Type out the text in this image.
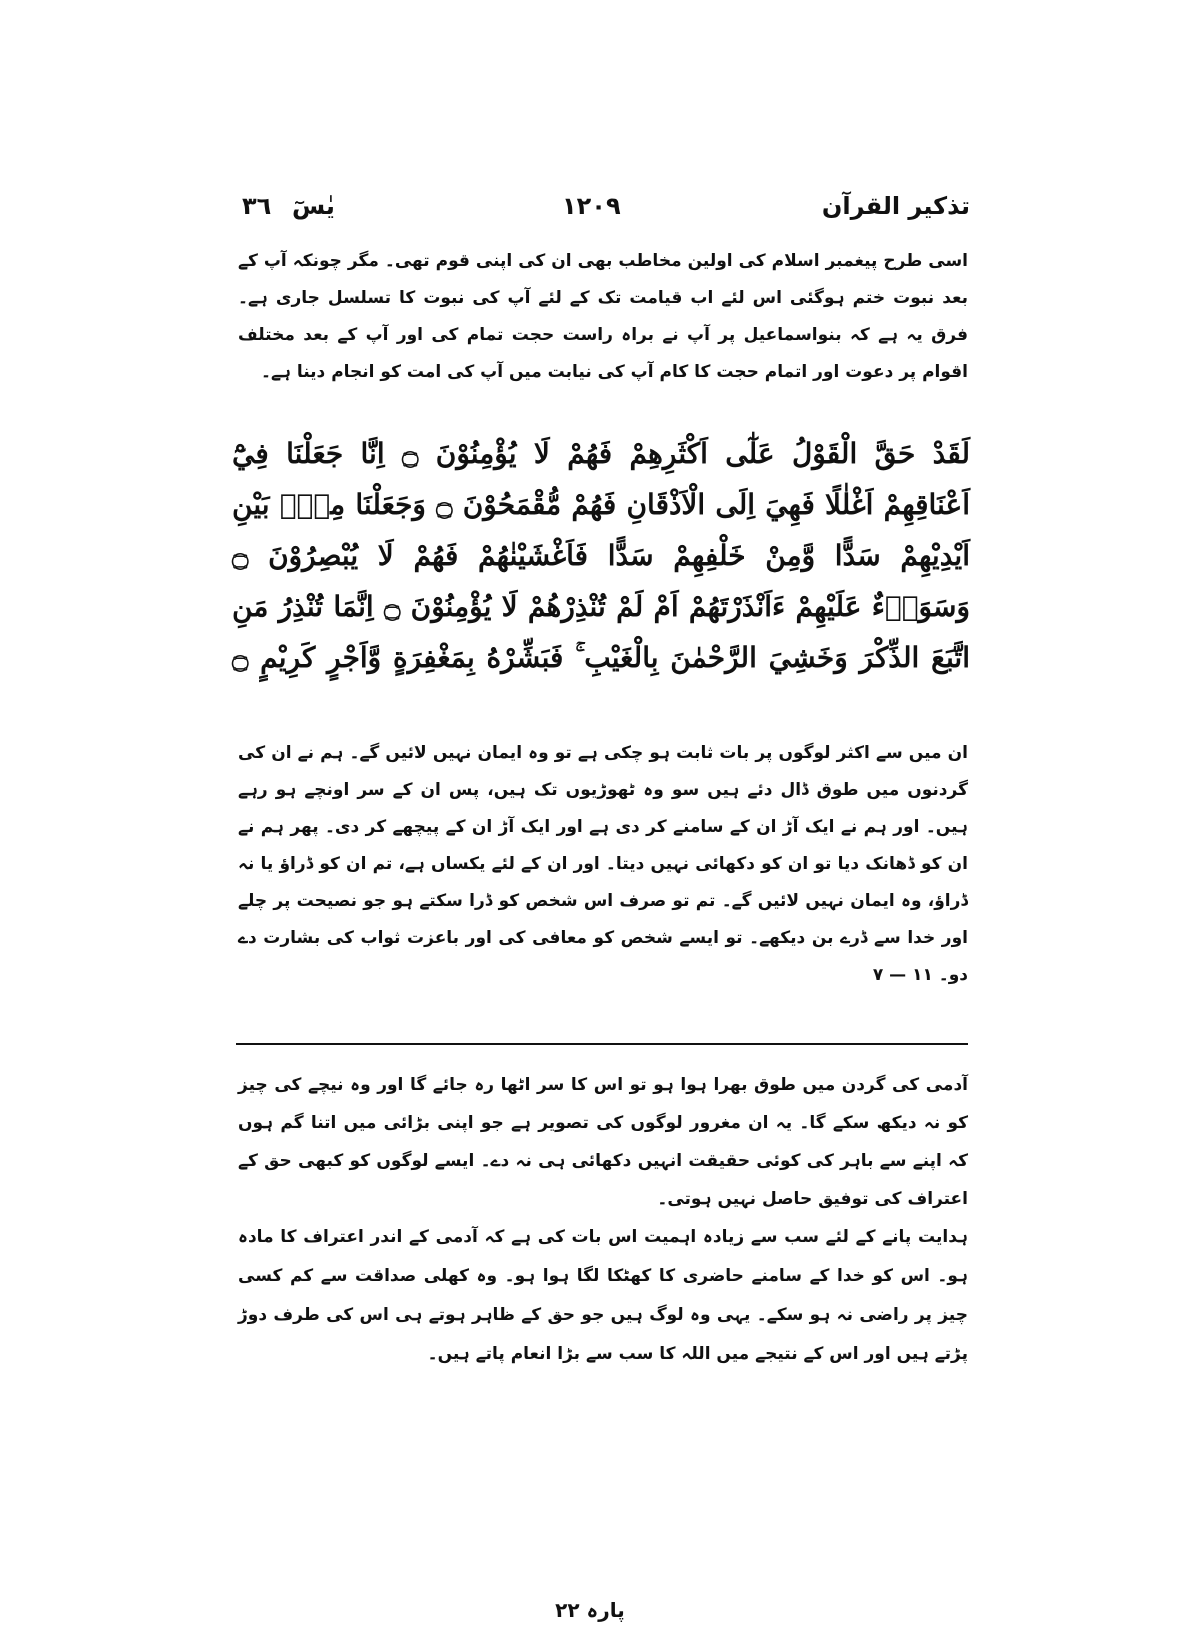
۳٦ یٰسٓ	۱۲۰۹	تذکیر القرآن

اسی طرح پیغمبر اسلام کی اولین مخاطب بھی ان کی اپنی قوم تھی۔ مگر چونکہ آپ کے بعد نبوت ختم ہوگئی اس لئے اب قیامت تک کے لئے آپ کی نبوت کا تسلسل جاری ہے۔ فرق یہ ہے کہ بنواسماعیل پر آپ نے براہ راست حجت تمام کی اور آپ کے بعد مختلف اقوام پر دعوت اور اتمام حجت کا کام آپ کی نیابت میں آپ کی امت کو انجام دینا ہے۔

لَقَدْ حَقَّ الْقَوْلُ عَلٰٓى اَكْثَرِهِمْ فَهُمْ لَا يُؤْمِنُوْنَ ۝ اِنَّا جَعَلْنَا فِيْٓ اَعْنَاقِهِمْ اَغْلٰلًا فَهِيَ اِلَى الْاَذْقَانِ فَهُمْ مُّقْمَحُوْنَ ۝ وَجَعَلْنَا مِنْۢ بَيْنِ اَيْدِيْهِمْ سَدًّا وَّمِنْ خَلْفِهِمْ سَدًّا فَاَغْشَيْنٰهُمْ فَهُمْ لَا يُبْصِرُوْنَ ۝ وَسَوَاۗءٌ عَلَيْهِمْ ءَاَنْذَرْتَهُمْ اَمْ لَمْ تُنْذِرْهُمْ لَا يُؤْمِنُوْنَ ۝ اِنَّمَا تُنْذِرُ مَنِ اتَّبَعَ الذِّكْرَ وَخَشِيَ الرَّحْمٰنَ بِالْغَيْبِ ۚ فَبَشِّرْهُ بِمَغْفِرَةٍ وَّاَجْرٍ كَرِيْمٍ ۝

ان میں سے اکثر لوگوں پر بات ثابت ہو چکی ہے تو وہ ایمان نہیں لائیں گے۔ ہم نے ان کی گردنوں میں طوق ڈال دئے ہیں سو وہ ٹھوڑیوں تک ہیں، پس ان کے سر اونچے ہو رہے ہیں۔ اور ہم نے ایک آڑ ان کے سامنے کر دی ہے اور ایک آڑ ان کے پیچھے کر دی۔ پھر ہم نے ان کو ڈھانک دیا تو ان کو دکھائی نہیں دیتا۔ اور ان کے لئے یکساں ہے، تم ان کو ڈراؤ یا نہ ڈراؤ، وہ ایمان نہیں لائیں گے۔ تم تو صرف اس شخص کو ڈرا سکتے ہو جو نصیحت پر چلے اور خدا سے ڈرے بن دیکھے۔ تو ایسے شخص کو معافی کی اور باعزت ثواب کی بشارت دے دو۔ ۱۱ — ۷

آدمی کی گردن میں طوق بھرا ہوا ہو تو اس کا سر اٹھا رہ جائے گا اور وہ نیچے کی چیز کو نہ دیکھ سکے گا۔ یہ ان مغرور لوگوں کی تصویر ہے جو اپنی بڑائی میں اتنا گم ہوں کہ اپنے سے باہر کی کوئی حقیقت انہیں دکھائی ہی نہ دے۔ ایسے لوگوں کو کبھی حق کے اعتراف کی توفیق حاصل نہیں ہوتی۔

ہدایت پانے کے لئے سب سے زیادہ اہمیت اس بات کی ہے کہ آدمی کے اندر اعتراف کا مادہ ہو۔ اس کو خدا کے سامنے حاضری کا کھٹکا لگا ہوا ہو۔ وہ کھلی صداقت سے کم کسی چیز پر راضی نہ ہو سکے۔ یہی وہ لوگ ہیں جو حق کے ظاہر ہوتے ہی اس کی طرف دوڑ پڑتے ہیں اور اس کے نتیجے میں اللہ کا سب سے بڑا انعام پاتے ہیں۔

پارہ ۲۲
